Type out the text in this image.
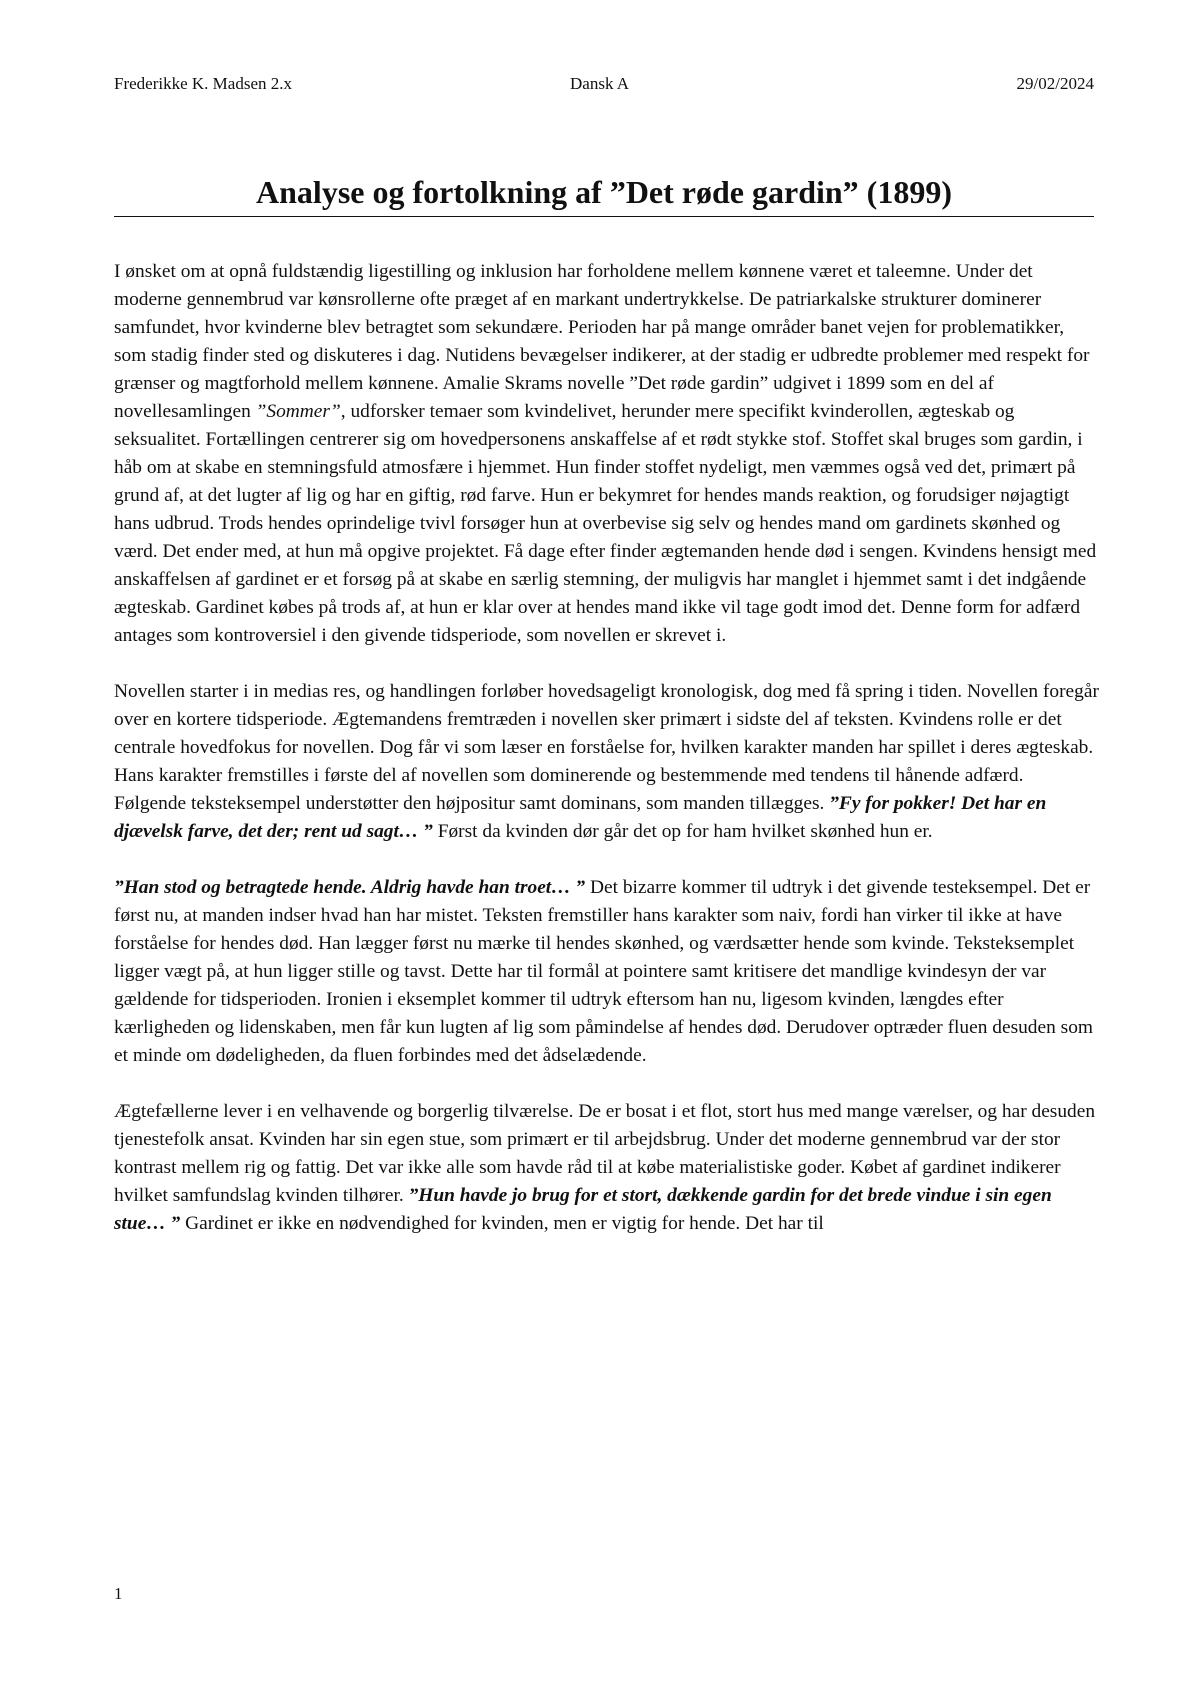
Frederikke K. Madsen 2.x	Dansk A	29/02/2024
Analyse og fortolkning af ”Det røde gardin” (1899)

I ønsket om at opnå fuldstændig ligestilling og inklusion har forholdene mellem kønnene været et taleemne. Under det moderne gennembrud var kønsrollerne ofte præget af en markant undertrykkelse. De patriarkalske strukturer dominerer samfundet, hvor kvinderne blev betragtet som sekundære. Perioden har på mange områder banet vejen for problematikker, som stadig finder sted og diskuteres i dag. Nutidens bevægelser indikerer, at der stadig er udbredte problemer med respekt for grænser og magtforhold mellem kønnene. Amalie Skrams novelle ”Det røde gardin” udgivet i 1899 som en del af novellesamlingen ”Sommer”, udforsker temaer som kvindelivet, herunder mere specifikt kvinderollen, ægteskab og seksualitet. Fortællingen centrerer sig om hovedpersonens anskaffelse af et rødt stykke stof. Stoffet skal bruges som gardin, i håb om at skabe en stemningsfuld atmosfære i hjemmet. Hun finder stoffet nydeligt, men væmmes også ved det, primært på grund af, at det lugter af lig og har en giftig, rød farve. Hun er bekymret for hendes mands reaktion, og forudsiger nøjagtigt hans udbrud. Trods hendes oprindelige tvivl forsøger hun at overbevise sig selv og hendes mand om gardinets skønhed og værd. Det ender med, at hun må opgive projektet. Få dage efter finder ægtemanden hende død i sengen. Kvindens hensigt med anskaffelsen af gardinet er et forsøg på at skabe en særlig stemning, der muligvis har manglet i hjemmet samt i det indgående ægteskab. Gardinet købes på trods af, at hun er klar over at hendes mand ikke vil tage godt imod det. Denne form for adfærd antages som kontroversiel i den givende tidsperiode, som novellen er skrevet i.

Novellen starter i in medias res, og handlingen forløber hovedsageligt kronologisk, dog med få spring i tiden. Novellen foregår over en kortere tidsperiode. Ægtemandens fremtræden i novellen sker primært i sidste del af teksten. Kvindens rolle er det centrale hovedfokus for novellen. Dog får vi som læser en forståelse for, hvilken karakter manden har spillet i deres ægteskab. Hans karakter fremstilles i første del af novellen som dominerende og bestemmende med tendens til hånende adfærd. Følgende teksteksempel understøtter den højpositur samt dominans, som manden tillægges. ”Fy for pokker! Det har en djævelsk farve, det der; rent ud sagt… ” Først da kvinden dør går det op for ham hvilket skønhed hun er.

”Han stod og betragtede hende. Aldrig havde han troet… ” Det bizarre kommer til udtryk i det givende testeksempel. Det er først nu, at manden indser hvad han har mistet. Teksten fremstiller hans karakter som naiv, fordi han virker til ikke at have forståelse for hendes død. Han lægger først nu mærke til hendes skønhed, og værdsætter hende som kvinde. Teksteksemplet ligger vægt på, at hun ligger stille og tavst. Dette har til formål at pointere samt kritisere det mandlige kvindesyn der var gældende for tidsperioden. Ironien i eksemplet kommer til udtryk eftersom han nu, ligesom kvinden, længdes efter kærligheden og lidenskaben, men får kun lugten af lig som påmindelse af hendes død. Derudover optræder fluen desuden som et minde om dødeligheden, da fluen forbindes med det ådselædende.

Ægtefællerne lever i en velhavende og borgerlig tilværelse. De er bosat i et flot, stort hus med mange værelser, og har desuden tjenestefolk ansat. Kvinden har sin egen stue, som primært er til arbejdsbrug. Under det moderne gennembrud var der stor kontrast mellem rig og fattig. Det var ikke alle som havde råd til at købe materialistiske goder. Købet af gardinet indikerer hvilket samfundslag kvinden tilhører. ”Hun havde jo brug for et stort, dækkende gardin for det brede vindue i sin egen stue… ” Gardinet er ikke en nødvendighed for kvinden, men er vigtig for hende. Det har til

1
